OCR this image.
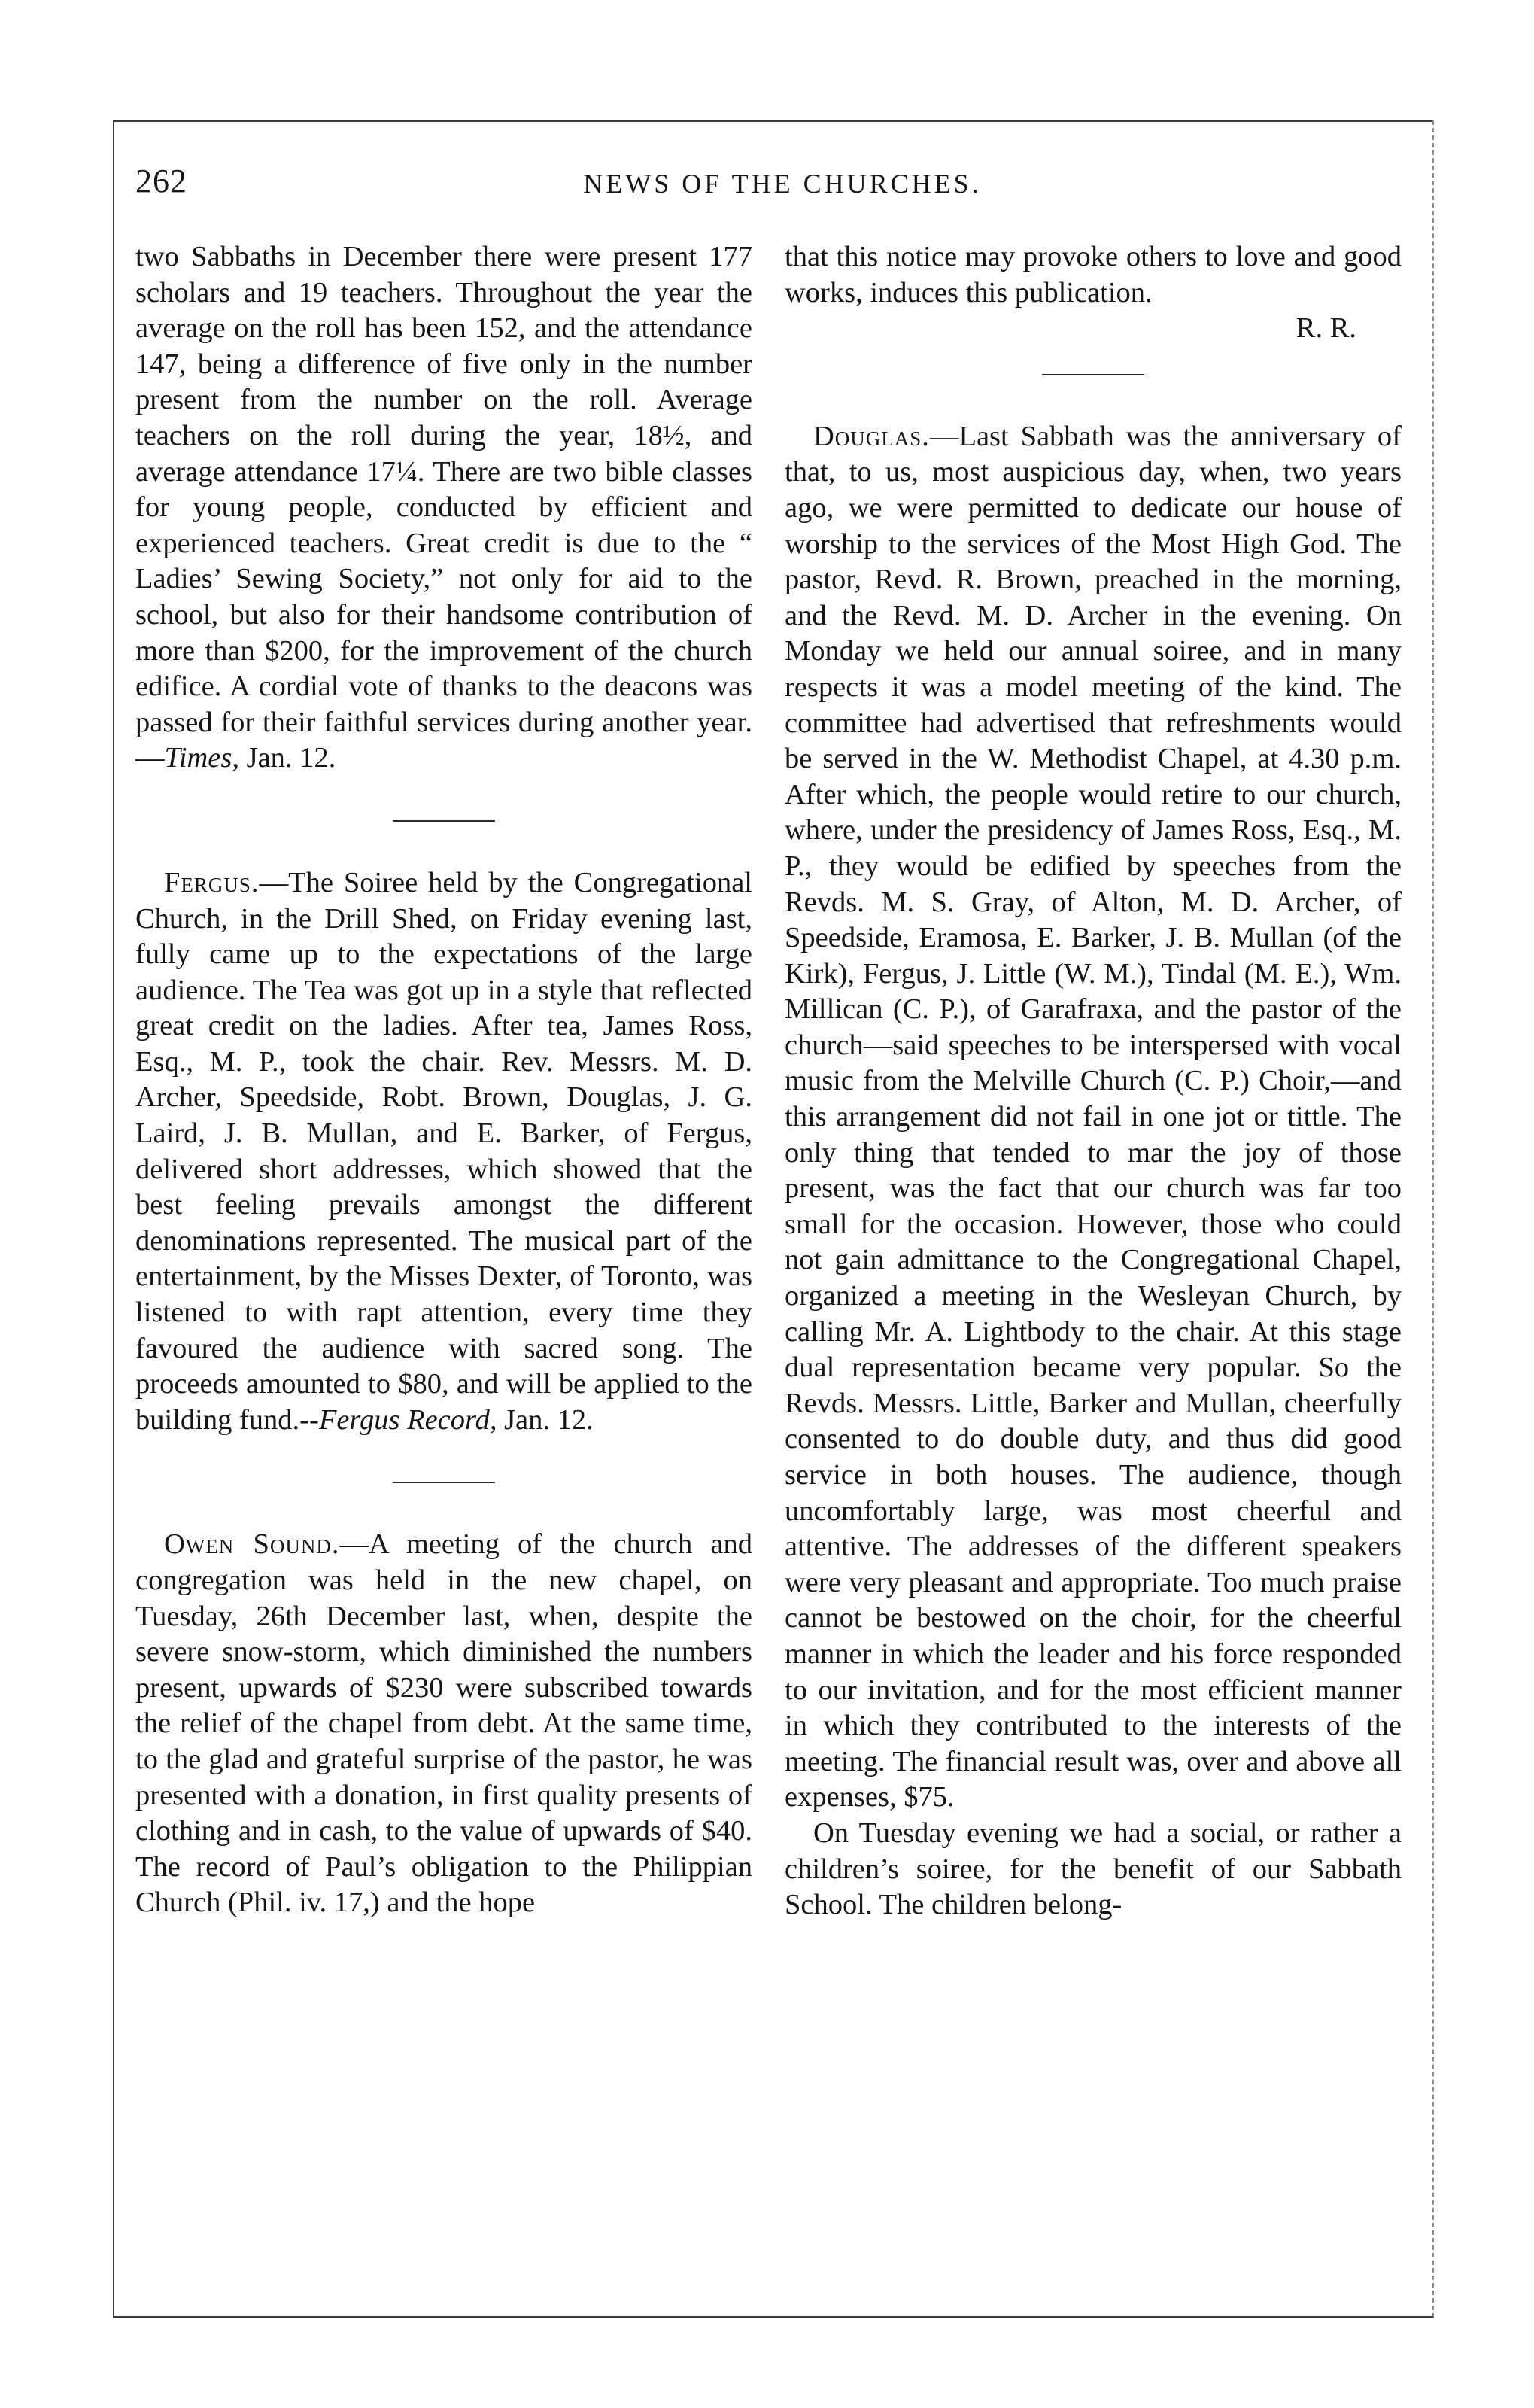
262	NEWS OF THE CHURCHES.

two Sabbaths in December there were present 177 scholars and 19 teachers. Throughout the year the average on the roll has been 152, and the attendance 147, being a difference of five only in the number present from the number on the roll. Average teachers on the roll during the year, 18½, and average attendance 17¼. There are two bible classes for young people, conducted by efficient and experienced teachers. Great credit is due to the “ Ladies’ Sewing Society,” not only for aid to the school, but also for their handsome contribution of more than $200, for the improvement of the church edifice. A cordial vote of thanks to the deacons was passed for their faithful services during another year.—Times, Jan. 12.

Fergus.—The Soiree held by the Congregational Church, in the Drill Shed, on Friday evening last, fully came up to the expectations of the large audience. The Tea was got up in a style that reflected great credit on the ladies. After tea, James Ross, Esq., M. P., took the chair. Rev. Messrs. M. D. Archer, Speedside, Robt. Brown, Douglas, J. G. Laird, J. B. Mullan, and E. Barker, of Fergus, delivered short addresses, which showed that the best feeling prevails amongst the different denominations represented. The musical part of the entertainment, by the Misses Dexter, of Toronto, was listened to with rapt attention, every time they favoured the audience with sacred song. The proceeds amounted to $80, and will be applied to the building fund.--Fergus Record, Jan. 12.

Owen Sound.—A meeting of the church and congregation was held in the new chapel, on Tuesday, 26th December last, when, despite the severe snow-storm, which diminished the numbers present, upwards of $230 were subscribed towards the relief of the chapel from debt. At the same time, to the glad and grateful surprise of the pastor, he was presented with a donation, in first quality presents of clothing and in cash, to the value of upwards of $40. The record of Paul’s obligation to the Philippian Church (Phil. iv. 17,) and the hope

that this notice may provoke others to love and good works, induces this publication.

R. R.

Douglas.—Last Sabbath was the anniversary of that, to us, most auspicious day, when, two years ago, we were permitted to dedicate our house of worship to the services of the Most High God. The pastor, Revd. R. Brown, preached in the morning, and the Revd. M. D. Archer in the evening. On Monday we held our annual soiree, and in many respects it was a model meeting of the kind. The committee had advertised that refreshments would be served in the W. Methodist Chapel, at 4.30 p.m. After which, the people would retire to our church, where, under the presidency of James Ross, Esq., M. P., they would be edified by speeches from the Revds. M. S. Gray, of Alton, M. D. Archer, of Speedside, Eramosa, E. Barker, J. B. Mullan (of the Kirk), Fergus, J. Little (W. M.), Tindal (M. E.), Wm. Millican (C. P.), of Garafraxa, and the pastor of the church—said speeches to be interspersed with vocal music from the Melville Church (C. P.) Choir,—and this arrangement did not fail in one jot or tittle. The only thing that tended to mar the joy of those present, was the fact that our church was far too small for the occasion. However, those who could not gain admittance to the Congregational Chapel, organized a meeting in the Wesleyan Church, by calling Mr. A. Lightbody to the chair. At this stage dual representation became very popular. So the Revds. Messrs. Little, Barker and Mullan, cheerfully consented to do double duty, and thus did good service in both houses. The audience, though uncomfortably large, was most cheerful and attentive. The addresses of the different speakers were very pleasant and appropriate. Too much praise cannot be bestowed on the choir, for the cheerful manner in which the leader and his force responded to our invitation, and for the most efficient manner in which they contributed to the interests of the meeting. The financial result was, over and above all expenses, $75.

On Tuesday evening we had a social, or rather a children’s soiree, for the benefit of our Sabbath School. The children belong-
